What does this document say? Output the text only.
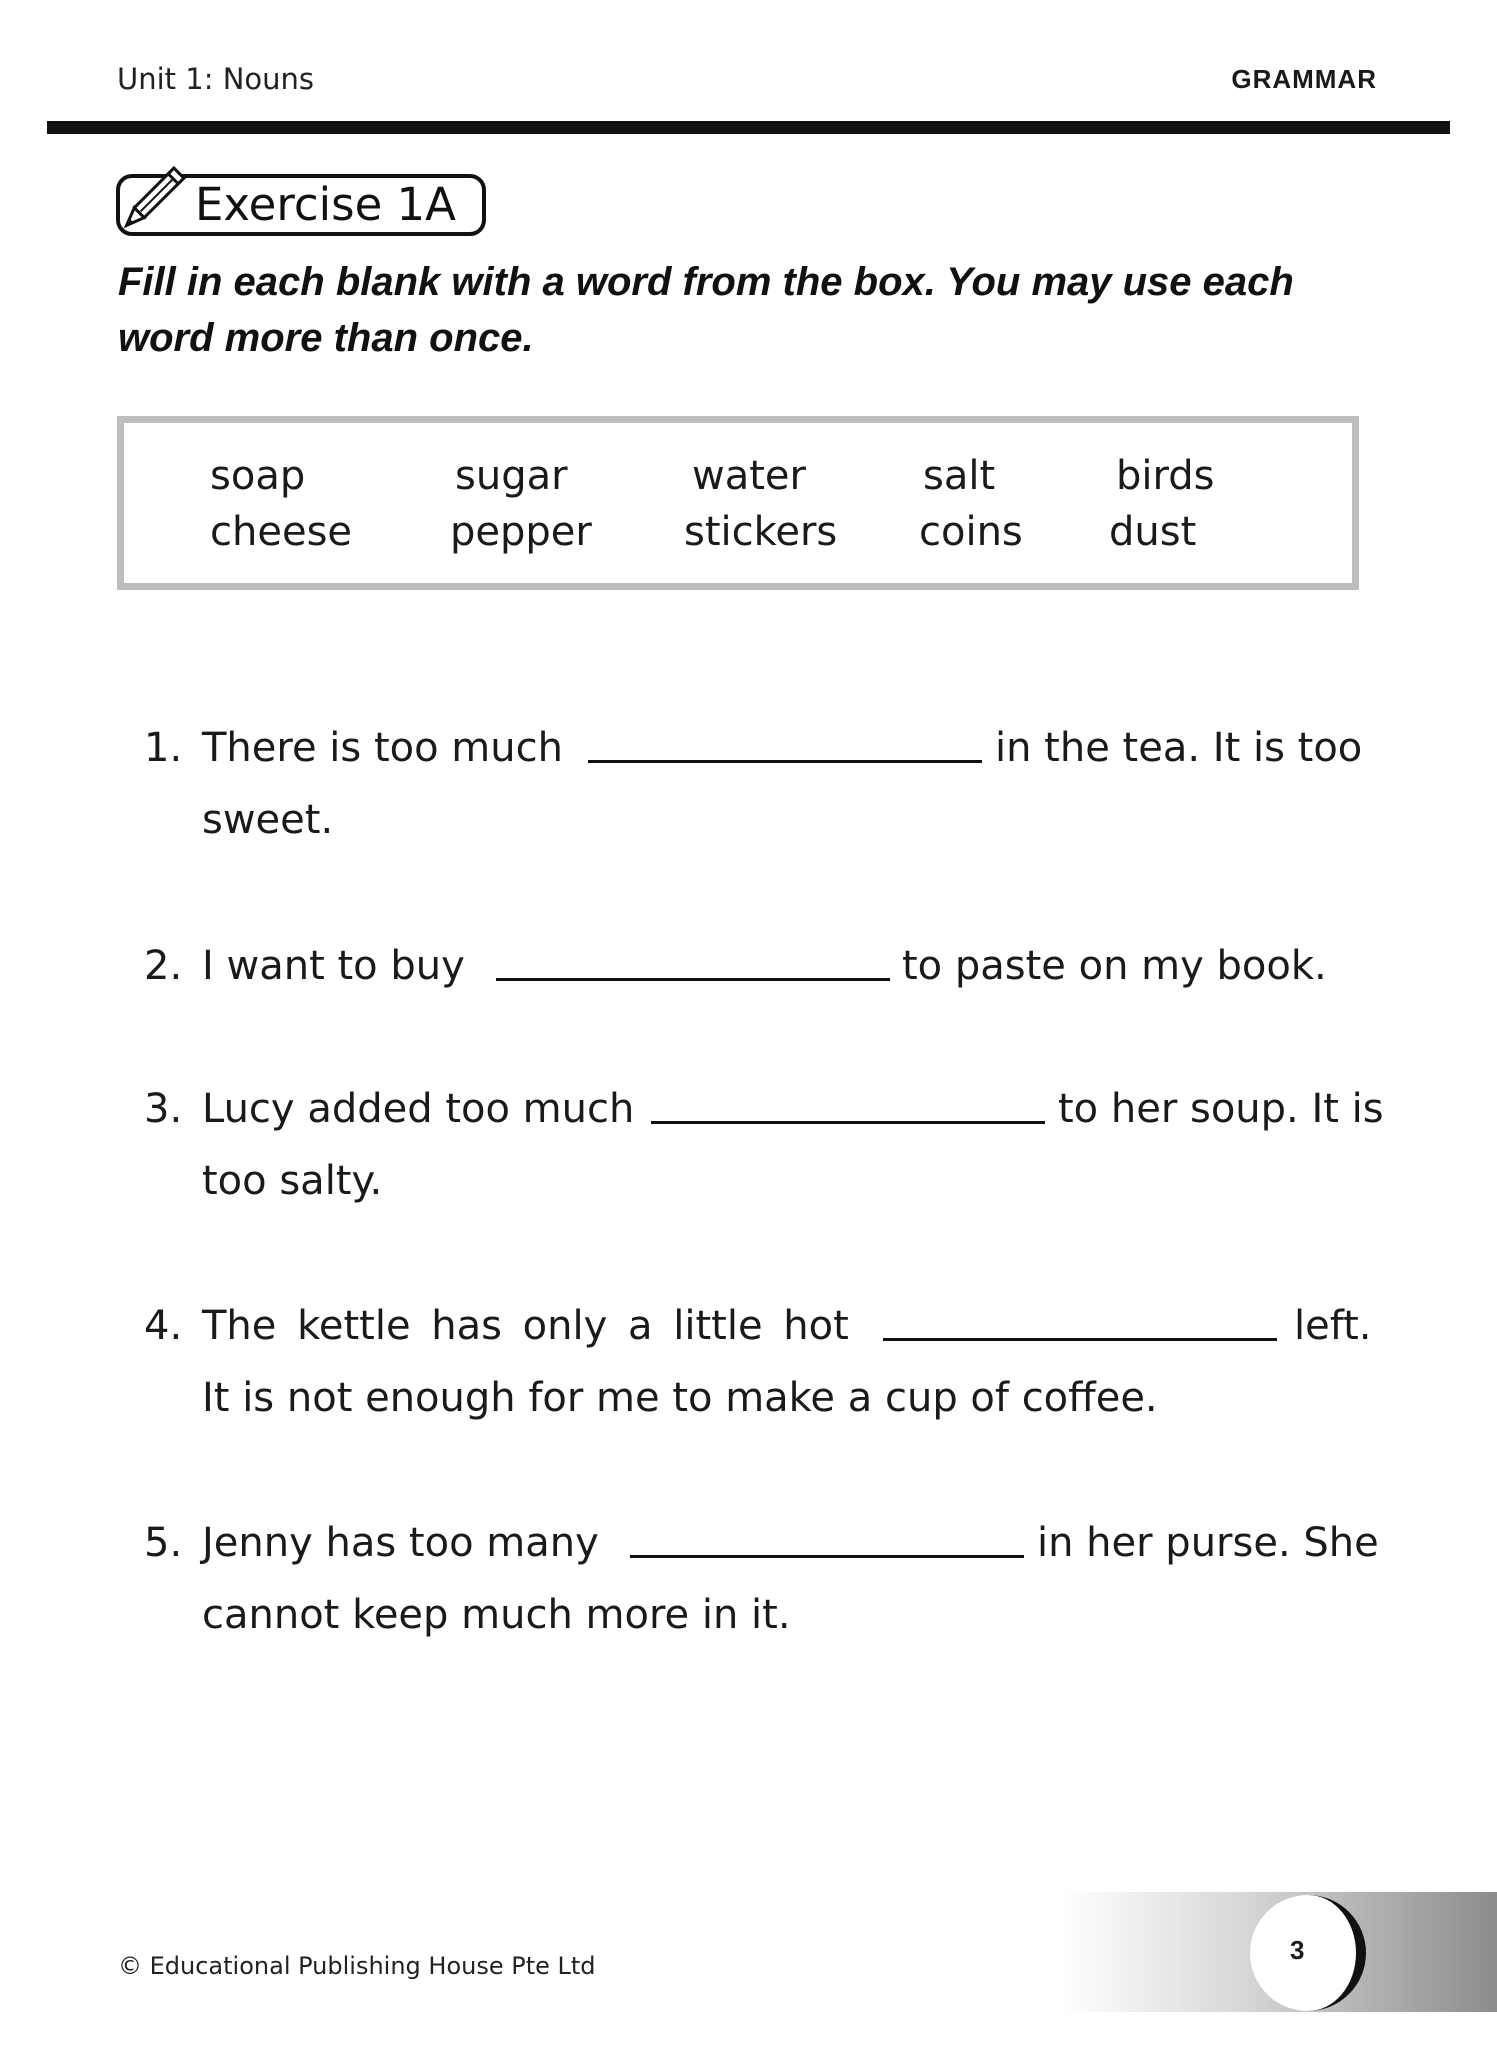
Unit 1: Nouns	GRAMMAR
Exercise 1A
Fill in each blank with a word from the box. You may use each word more than once.
soap	sugar	water	salt	birds
cheese pepper stickers coins dust
1. There is too much	in the tea. It is too
sweet.
2. I want to buy	to paste on my book.
3. Lucy added too much	to her soup. It is
too salty.
4. The kettle has only a little hot	left.
It is not enough for me to make a cup of coffee.
5. Jenny has too many	in her purse. She
cannot keep much more in it.
3
© Educational Publishing House Pte Ltd
